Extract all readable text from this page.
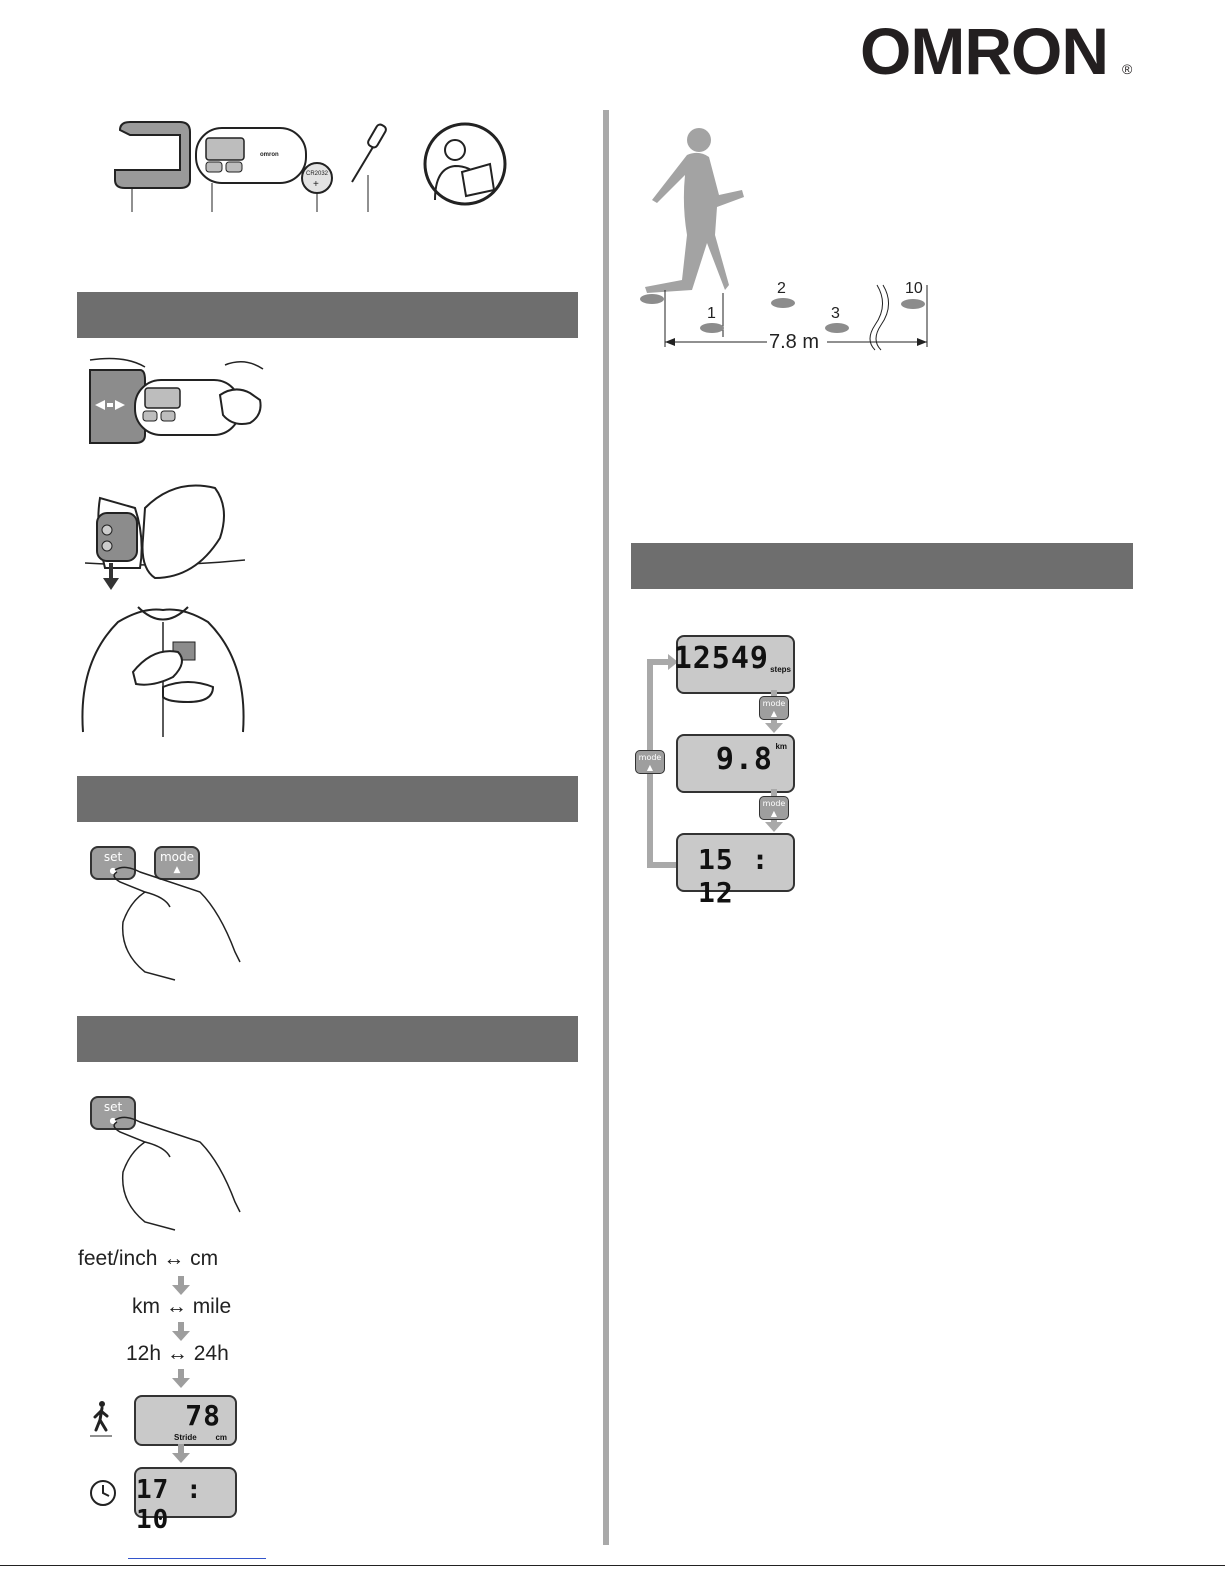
OMRON ®
omron
CR2032
+
set
●
mode
▲
set
●
feet/inch ↔ cm
km ↔ mile
12h ↔ 24h
78
Stride cm
17 : 10
1
2
3
10
7.8 m
mode
▲
12549 steps
mode
▲
9.8 km
mode
▲
15 : 12
